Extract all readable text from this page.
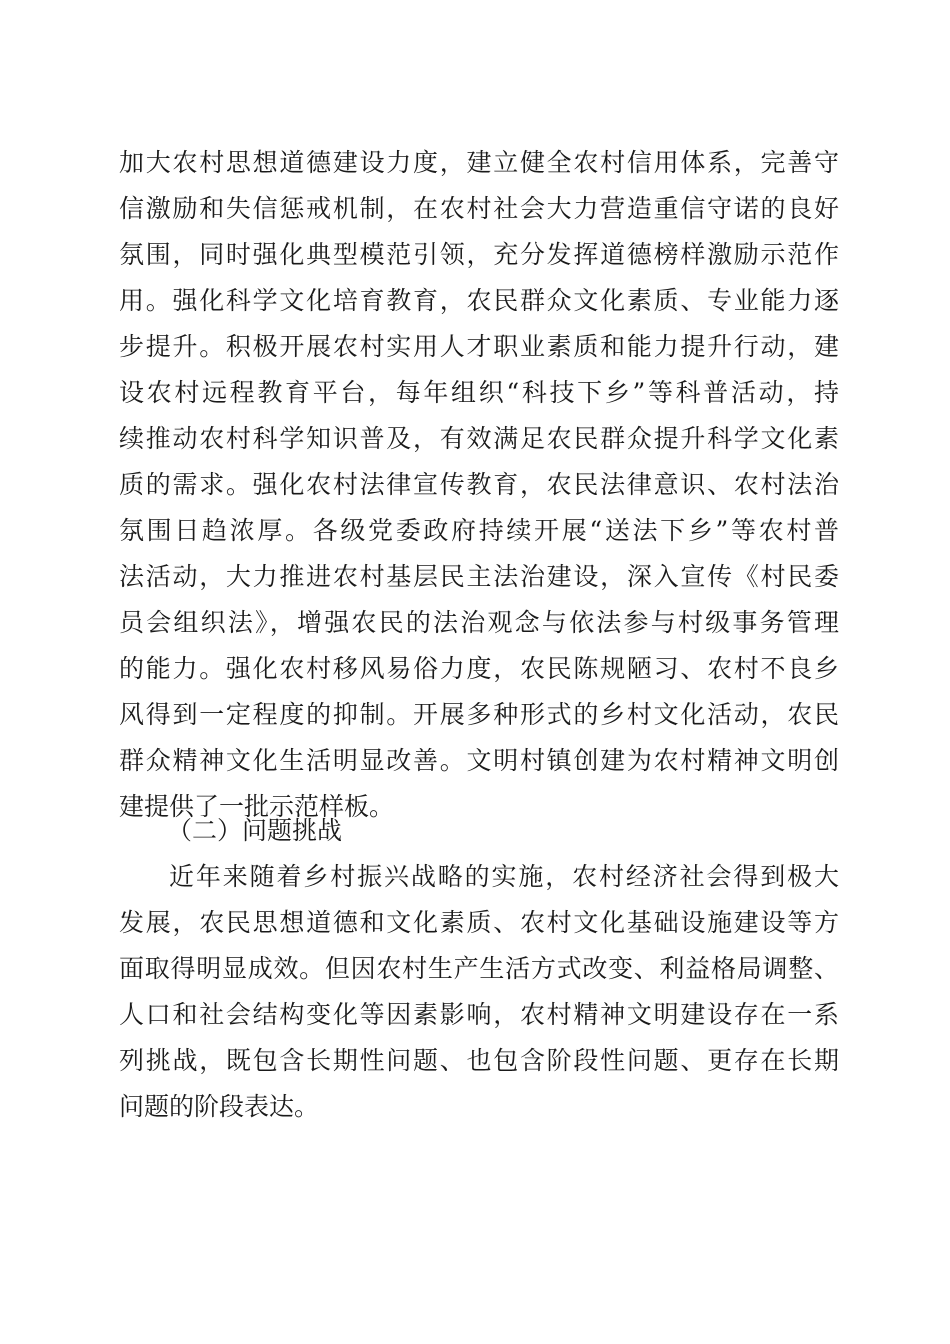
加大农村思想道德建设力度，建立健全农村信用体系，完善守
信激励和失信惩戒机制，在农村社会大力营造重信守诺的良好
氛围，同时强化典型模范引领，充分发挥道德榜样激励示范作
用。强化科学文化培育教育，农民群众文化素质、专业能力逐
步提升。积极开展农村实用人才职业素质和能力提升行动，建
设农村远程教育平台，每年组织“科技下乡”等科普活动，持
续推动农村科学知识普及，有效满足农民群众提升科学文化素
质的需求。强化农村法律宣传教育，农民法律意识、农村法治
氛围日趋浓厚。各级党委政府持续开展“送法下乡”等农村普
法活动，大力推进农村基层民主法治建设，深入宣传《村民委
员会组织法》，增强农民的法治观念与依法参与村级事务管理
的能力。强化农村移风易俗力度，农民陈规陋习、农村不良乡
风得到一定程度的抑制。开展多种形式的乡村文化活动，农民
群众精神文化生活明显改善。文明村镇创建为农村精神文明创
建提供了一批示范样板。
（二）问题挑战
近年来随着乡村振兴战略的实施，农村经济社会得到极大
发展，农民思想道德和文化素质、农村文化基础设施建设等方
面取得明显成效。但因农村生产生活方式改变、利益格局调整、
人口和社会结构变化等因素影响，农村精神文明建设存在一系
列挑战，既包含长期性问题、也包含阶段性问题、更存在长期
问题的阶段表达。
